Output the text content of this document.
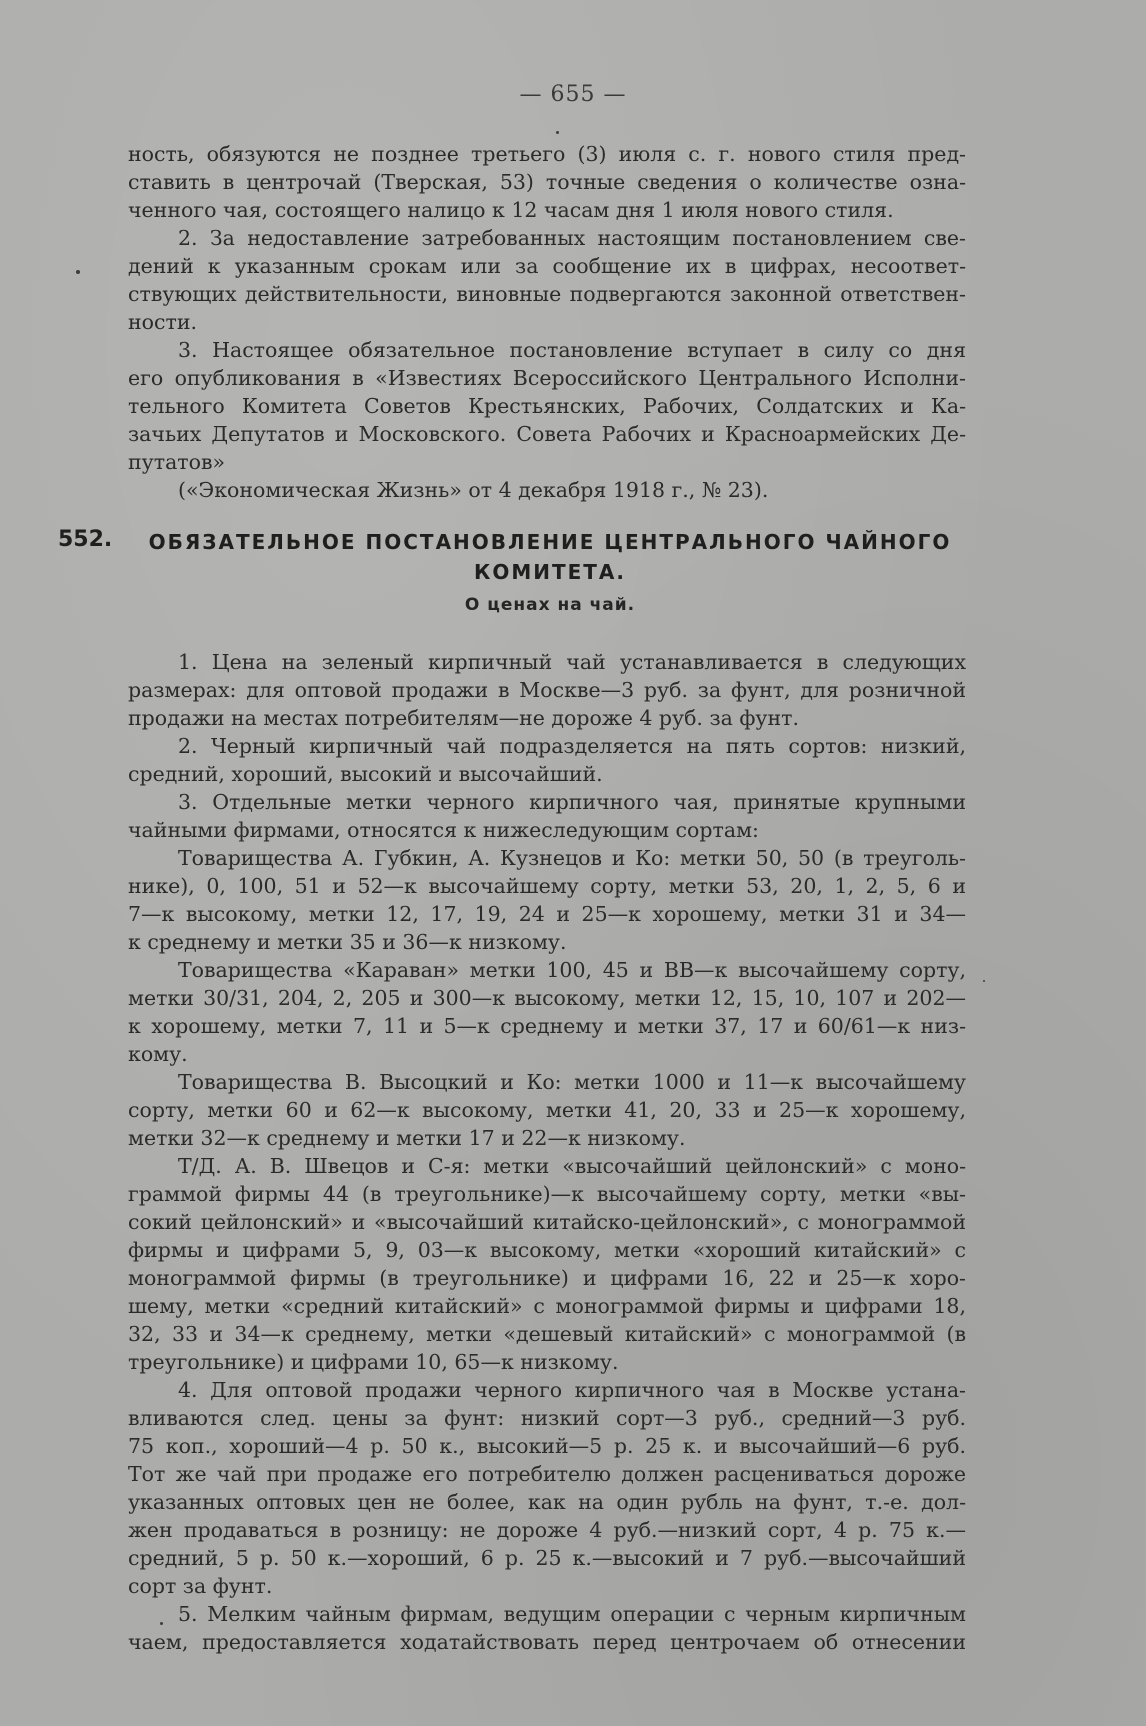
— 655 —
ность, обязуются не позднее третьего (3) июля с. г. нового стиля пред-
ставить в центрочай (Тверская, 53) точные сведения о количестве озна-
ченного чая, состоящего налицо к 12 часам дня 1 июля нового стиля.
2. За недоставление затребованных настоящим постановлением све-
дений к указанным срокам или за сообщение их в цифрах, несоответ-
ствующих действительности, виновные подвергаются законной ответствен-
ности.
3. Настоящее обязательное постановление вступает в силу со дня
его опубликования в «Известиях Всероссийского Центрального Исполни-
тельного Комитета Советов Крестьянских, Рабочих, Солдатских и Ка-
зачьих Депутатов и Московского. Совета Рабочих и Красноармейских Де-
путатов»
(«Экономическая Жизнь» от 4 декабря 1918 г., № 23).
552.	ОБЯЗАТЕЛЬНОЕ ПОСТАНОВЛЕНИЕ ЦЕНТРАЛЬНОГО ЧАЙНОГО
КОМИТЕТА.
О ценах на чай.
1. Цена на зеленый кирпичный чай устанавливается в следующих
размерах: для оптовой продажи в Москве—3 руб. за фунт, для розничной
продажи на местах потребителям—не дороже 4 руб. за фунт.
2. Черный кирпичный чай подразделяется на пять сортов: низкий,
средний, хороший, высокий и высочайший.
3. Отдельные метки черного кирпичного чая, принятые крупными
чайными фирмами, относятся к нижеследующим сортам:
Товарищества А. Губкин, А. Кузнецов и Ко: метки 50, 50 (в треуголь-
нике), 0, 100, 51 и 52—к высочайшему сорту, метки 53, 20, 1, 2, 5, 6 и
7—к высокому, метки 12, 17, 19, 24 и 25—к хорошему, метки 31 и 34—
к среднему и метки 35 и 36—к низкому.
Товарищества «Караван» метки 100, 45 и ВВ—к высочайшему сорту,
метки 30/31, 204, 2, 205 и 300—к высокому, метки 12, 15, 10, 107 и 202—
к хорошему, метки 7, 11 и 5—к среднему и метки 37, 17 и 60/61—к низ-
кому.
Товарищества В. Высоцкий и Ко: метки 1000 и 11—к высочайшему
сорту, метки 60 и 62—к высокому, метки 41, 20, 33 и 25—к хорошему,
метки 32—к среднему и метки 17 и 22—к низкому.
Т/Д. А. В. Швецов и С-я: метки «высочайший цейлонский» с моно-
граммой фирмы 44 (в треугольнике)—к высочайшему сорту, метки «вы-
сокий цейлонский» и «высочайший китайско-цейлонский», с монограммой
фирмы и цифрами 5, 9, 03—к высокому, метки «хороший китайский» с
монограммой фирмы (в треугольнике) и цифрами 16, 22 и 25—к хоро-
шему, метки «средний китайский» с монограммой фирмы и цифрами 18,
32, 33 и 34—к среднему, метки «дешевый китайский» с монограммой (в
треугольнике) и цифрами 10, 65—к низкому.
4. Для оптовой продажи черного кирпичного чая в Москве устана-
вливаются след. цены за фунт: низкий сорт—3 руб., средний—3 руб.
75 коп., хороший—4 р. 50 к., высокий—5 р. 25 к. и высочайший—6 руб.
Тот же чай при продаже его потребителю должен расцениваться дороже
указанных оптовых цен не более, как на один рубль на фунт, т.-е. дол-
жен продаваться в розницу: не дороже 4 руб.—низкий сорт, 4 р. 75 к.—
средний, 5 р. 50 к.—хороший, 6 р. 25 к.—высокий и 7 руб.—высочайший
сорт за фунт.
5. Мелким чайным фирмам, ведущим операции с черным кирпичным
чаем, предоставляется ходатайствовать перед центрочаем об отнесении
